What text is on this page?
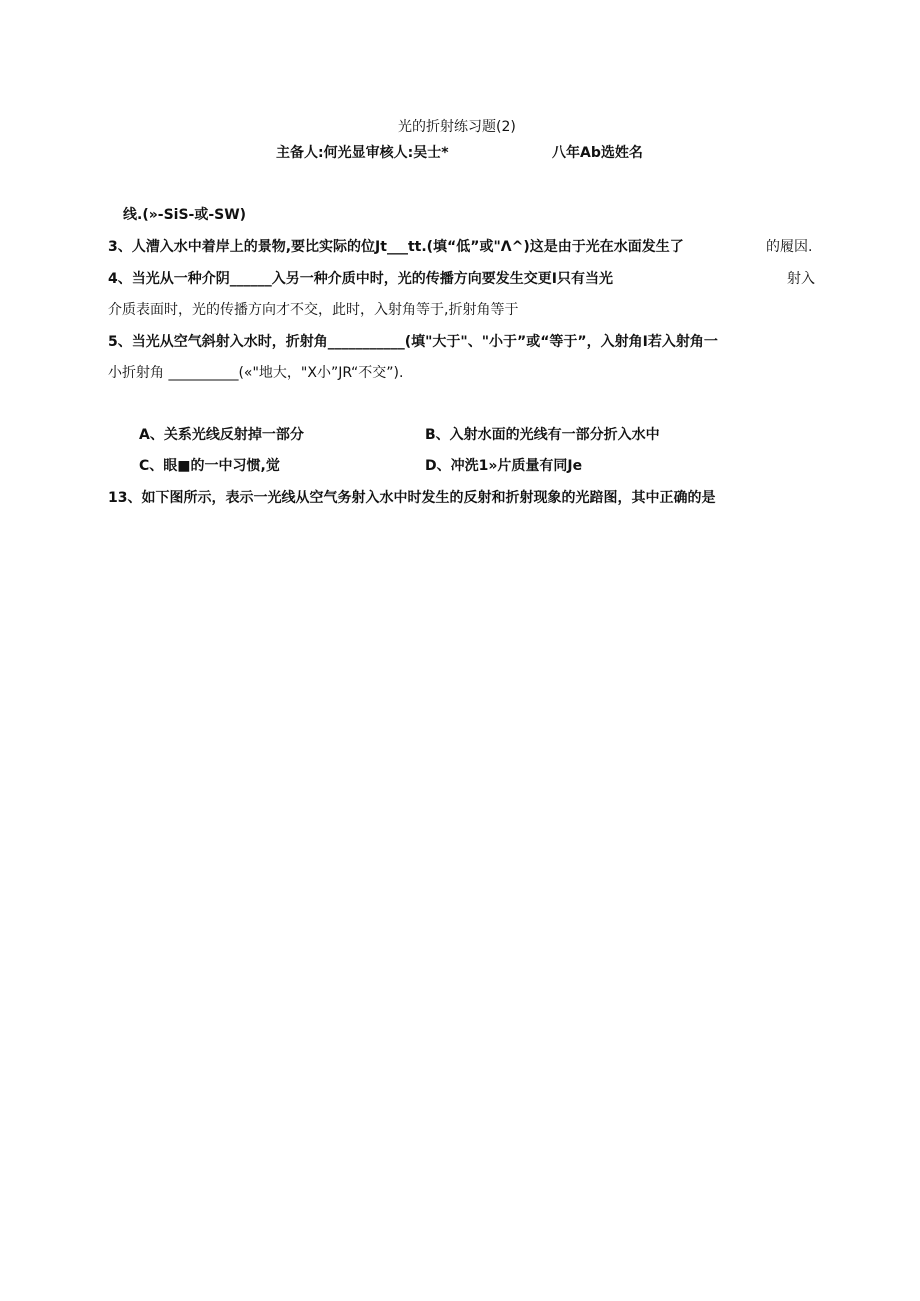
光的折射练习题(2)
主备人:何光显审核人:吴士*	八年Ab选姓名
线.(»-SiS-或-SW)
3、人漕入水中着岸上的景物,要比实际的位Jt___tt.(填“低”或"Λ^)这是由于光在水面发生了	的履因.
4、当光从一种介阴______入另一种介质中时，光的传播方向要发生交更I只有当光	射入
介质表面时，光的传播方向才不交，此时，入射角等于,折射角等于
5、当光从空气斜射入水时，折射角___________(填"大于"、"小于”或“等于”，入射角I若入射角一
小折射角 __________(«"地大，"X小”JR“不交”).
A、关系光线反射掉一部分	B、入射水面的光线有一部分折入水中
C、眼■的一中习惯,觉	D、冲洗1»片质量有同Je
13、如下图所示，表示一光线从空气务射入水中时发生的反射和折射现象的光踣图，其中正确的是
